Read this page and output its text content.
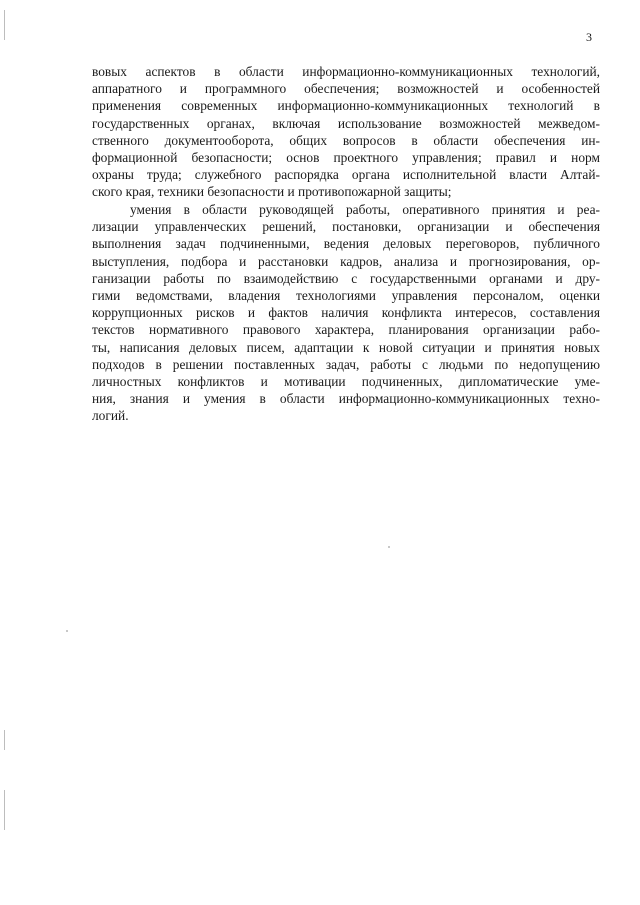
3
вовых аспектов в области информационно-коммуникационных технологий,
аппаратного и программного обеспечения; возможностей и особенностей
применения современных информационно-коммуникационных технологий в
государственных органах, включая использование возможностей межведом-
ственного документооборота, общих вопросов в области обеспечения ин-
формационной безопасности; основ проектного управления; правил и норм
охраны труда; служебного распорядка органа исполнительной власти Алтай-
ского края, техники безопасности и противопожарной защиты;
умения в области руководящей работы, оперативного принятия и реа-
лизации управленческих решений, постановки, организации и обеспечения
выполнения задач подчиненными, ведения деловых переговоров, публичного
выступления, подбора и расстановки кадров, анализа и прогнозирования, ор-
ганизации работы по взаимодействию с государственными органами и дру-
гими ведомствами, владения технологиями управления персоналом, оценки
коррупционных рисков и фактов наличия конфликта интересов, составления
текстов нормативного правового характера, планирования организации рабо-
ты, написания деловых писем, адаптации к новой ситуации и принятия новых
подходов в решении поставленных задач, работы с людьми по недопущению
личностных конфликтов и мотивации подчиненных, дипломатические уме-
ния, знания и умения в области информационно-коммуникационных техно-
логий.
